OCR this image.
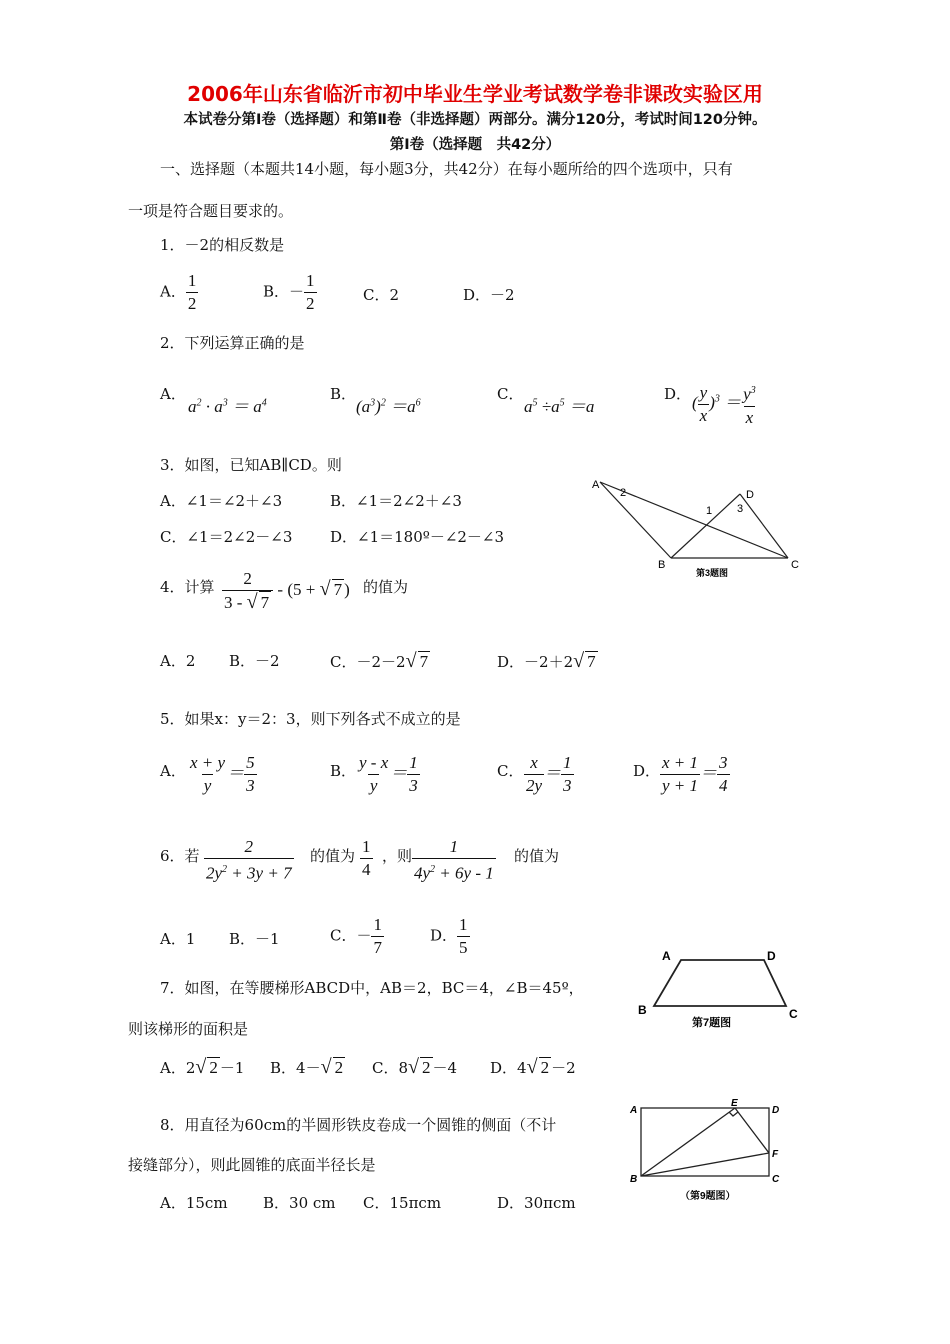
2006年山东省临沂市初中毕业生学业考试数学卷非课改实验区用
本试卷分第Ⅰ卷（选择题）和第Ⅱ卷（非选择题）两部分。满分120分，考试时间120分钟。
第Ⅰ卷（选择题　共42分）
一、选择题（本题共14小题，每小题3分，共42分）在每小题所给的四个选项中，只有
一项是符合题目要求的。
1．－2的相反数是
A． $\frac{1}{2}$	B．－ $\frac{1}{2}$	C．2	D．－2
2．下列运算正确的是
A．
$a^2 \cdot a^3 = a^4$	B．
$(a^3)^2 =a^6$	C．
$a^5 \div a^5 =a$
D． ( $\frac{y}{x} )^3 = \frac{y^3}{x}$
3．如图，已知AB∥CD。则
A．∠1＝∠2＋∠3	B．∠1＝2∠2＋∠3
C．∠1＝2∠2－∠3	D．∠1＝180º－∠2－∠3
A
2
1 3
D
B	C
第3题图
4．计算 $\frac{2}{3 - √ 7} - (5$ + √ 7 ) 的值为
A．2 B．－2	C．－2－2√ 7	D．－2＋2√ 7
5．如果x：y＝2：3，则下列各式不成立的是
A． $\frac{x + y}{y} = \frac{5}{3}$	B． $\frac{y - x}{y} = \frac{1}{3}$	C． $\frac{x}{2y} = \frac{1}{3}$	D． $\frac{x + 1}{y + 1} = \frac{3}{4}$
6．若 $\frac{2}{2y^2 + 3y + 7}$ 的值为 $\frac{1}{4}$ ，则 $\frac{1}{4y^2 + 6y - 1}$ 的值为
A．1 B．－1	C．－ $\frac{1}{7}$	D． $\frac{1}{5}$
7．如图，在等腰梯形ABCD中，AB＝2，BC＝4，∠B＝45º，
则该梯形的面积是
A．2√ 2 －1 B．4－√ 2 C．8√ 2 －4 D．4√ 2 －2
A	D
B	C
第7题图
8．用直径为60cm的半圆形铁皮卷成一个圆锥的侧面（不计
接缝部分），则此圆锥的底面半径长是
A．15cm B．30 cm C．15πcm	D．30πcm
A
E
D
F
B	C
（第9题图）
